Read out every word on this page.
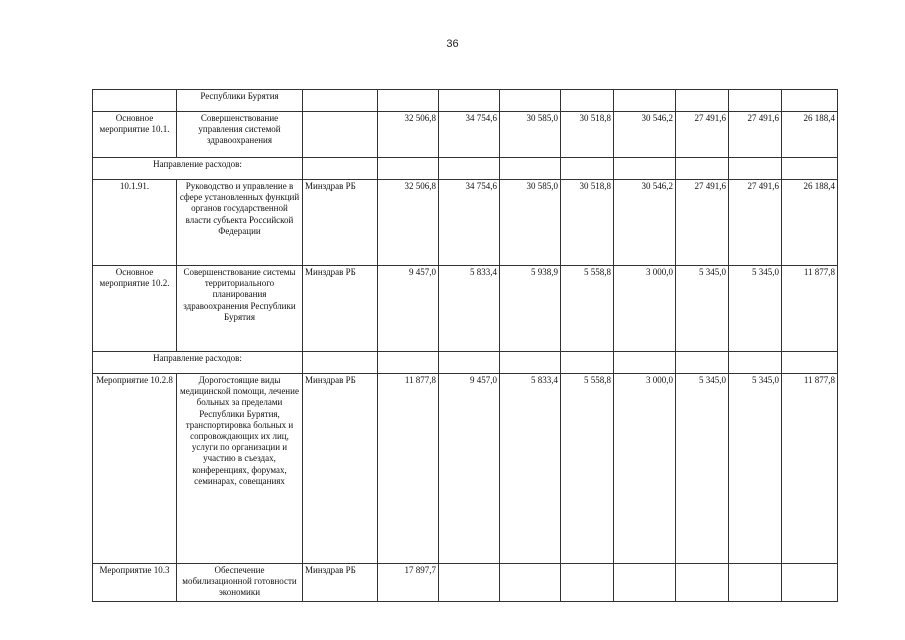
36
	Республики Бурятия									
Основное мероприятие 10.1.	Совершенствование управления системой здравоохранения		32 506,8	34 754,6	30 585,0	30 518,8	30 546,2	27 491,6	27 491,6	26 188,4
Направление расходов:										
10.1.91.	Руководство и управление в сфере установленных функций органов государственной власти субъекта Российской Федерации	Минздрав РБ	32 506,8	34 754,6	30 585,0	30 518,8	30 546,2	27 491,6	27 491,6	26 188,4
Основное мероприятие 10.2.	Совершенствование системы территориального планирования здравоохранения Республики Бурятия	Минздрав РБ	9 457,0	5 833,4	5 938,9	5 558,8	3 000,0	5 345,0	5 345,0	11 877,8
Направление расходов:										
Мероприятие 10.2.8	Дорогостоящие виды медицинской помощи, лечение больных за пределами Республики Бурятия, транспортировка больных и сопровождающих их лиц, услуги по организации и участию в съездах, конференциях, форумах, семинарах, совещаниях	Минздрав РБ	11 877,8	9 457,0	5 833,4	5 558,8	3 000,0	5 345,0	5 345,0	11 877,8
Мероприятие 10.3	Обеспечение мобилизационной готовности экономики	Минздрав РБ	17 897,7							
